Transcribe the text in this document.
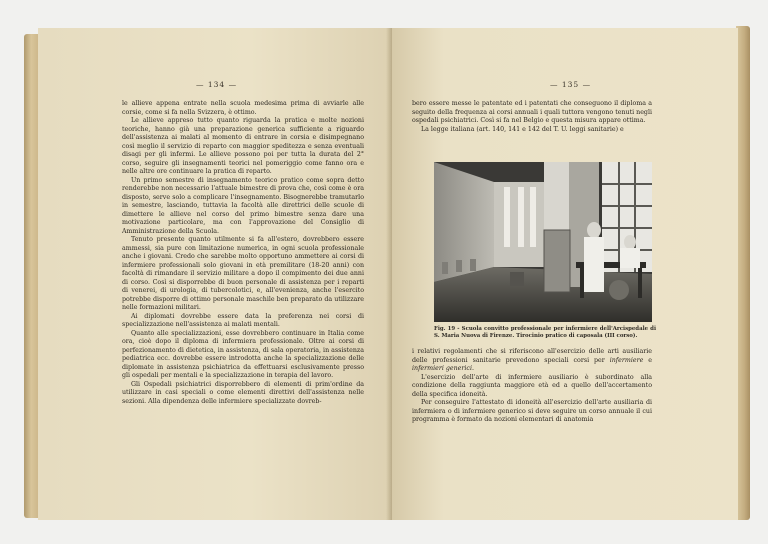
— 134 —

le allieve appena entrate nella scuola medesima prima di avviarle alle corsie, come si fa nella Svizzera, è ottimo.

Le allieve appreso tutto quanto riguarda la pratica e molte nozioni teoriche, hanno già una preparazione generica sufficiente a riguardo dell'assistenza ai malati al momento di entrare in corsia e disimpegnano così meglio il servizio di reparto con maggior speditezza e senza eventuali disagi per gli infermi. Le allieve possono poi per tutta la durata del 2° corso, seguire gli insegnamenti teorici nel pomeriggio come fanno ora e nelle altre ore continuare la pratica di reparto.

Un primo semestre di insegnamento teorico pratico come sopra detto renderebbe non necessario l'attuale bimestre di prova che, così come è ora disposto, serve solo a complicare l'insegnamento. Bisognerebbe tramutarlo in semestre, lasciando, tuttavia la facoltà alle direttrici delle scuole di dimettere le allieve nel corso del primo bimestre senza dare una motivazione particolare, ma con l'approvazione del Consiglio di Amministrazione della Scuola.

Tenuto presente quanto utilmente si fa all'estero, dovrebbero essere ammessi, sia pure con limitazione numerica, in ogni scuola professionale anche i giovani. Credo che sarebbe molto opportuno ammettere ai corsi di infermiere professionali solo giovani in età premilitare (18-20 anni) con facoltà di rimandare il servizio militare a dopo il compimento dei due anni di corso. Così si disporrebbe di buon personale di assistenza per i reparti di venerei, di urologia, di tubercolotici, e, all'evenienza, anche l'esercito potrebbe disporre di ottimo personale maschile ben preparato da utilizzare nelle formazioni militari.

Ai diplomati dovrebbe essere data la preferenza nei corsi di specializzazione nell'assistenza ai malati mentali.

Quanto alle specializzazioni, esse dovrebbero continuare in Italia come ora, cioè dopo il diploma di infermiera professionale. Oltre ai corsi di perfezionamento di dietetica, in assistenza, di sala operatoria, in assistenza pediatrica ecc. dovrebbe essere introdotta anche la specializzazione delle diplomate in assistenza psichiatrica da effettuarsi esclusivamente presso gli ospedali per mentali e la specializzazione in terapia del lavoro.

Gli Ospedali psichiatrici disporrebbero di elementi di prim'ordine da utilizzare in casi speciali o come elementi direttivi dell'assistenza nelle sezioni. Alla dipendenza delle infermiere specializzate dovreb-

— 135 —

bero essere messe le patentate ed i patentati che conseguono il diploma a seguito della frequenza ai corsi annuali i quali tuttora vengono tenuti negli ospedali psichiatrici. Così si fa nel Belgio e questa misura appare ottima.

La legge italiana (art. 140, 141 e 142 del T. U. leggi sanitarie) e

Fig. 19 - Scuola convitto professionale per infermiere dell'Arcispedale di S. Maria Nuova di Firenze. Tirocinio pratico di caposala (III corso).

i relativi regolamenti che si riferiscono all'esercizio delle arti ausiliarie delle professioni sanitarie prevedono speciali corsi per infermiere e infermieri generici.

L'esercizio dell'arte di infermiere ausiliario è subordinato alla condizione della raggiunta maggiore età ed a quello dell'accertamento della specifica idoneità.

Per conseguire l'attestato di idoneità all'esercizio dell'arte ausiliaria di infermiera o di infermiere generico si deve seguire un corso annuale il cui programma è formato da nozioni elementari di anatomia
